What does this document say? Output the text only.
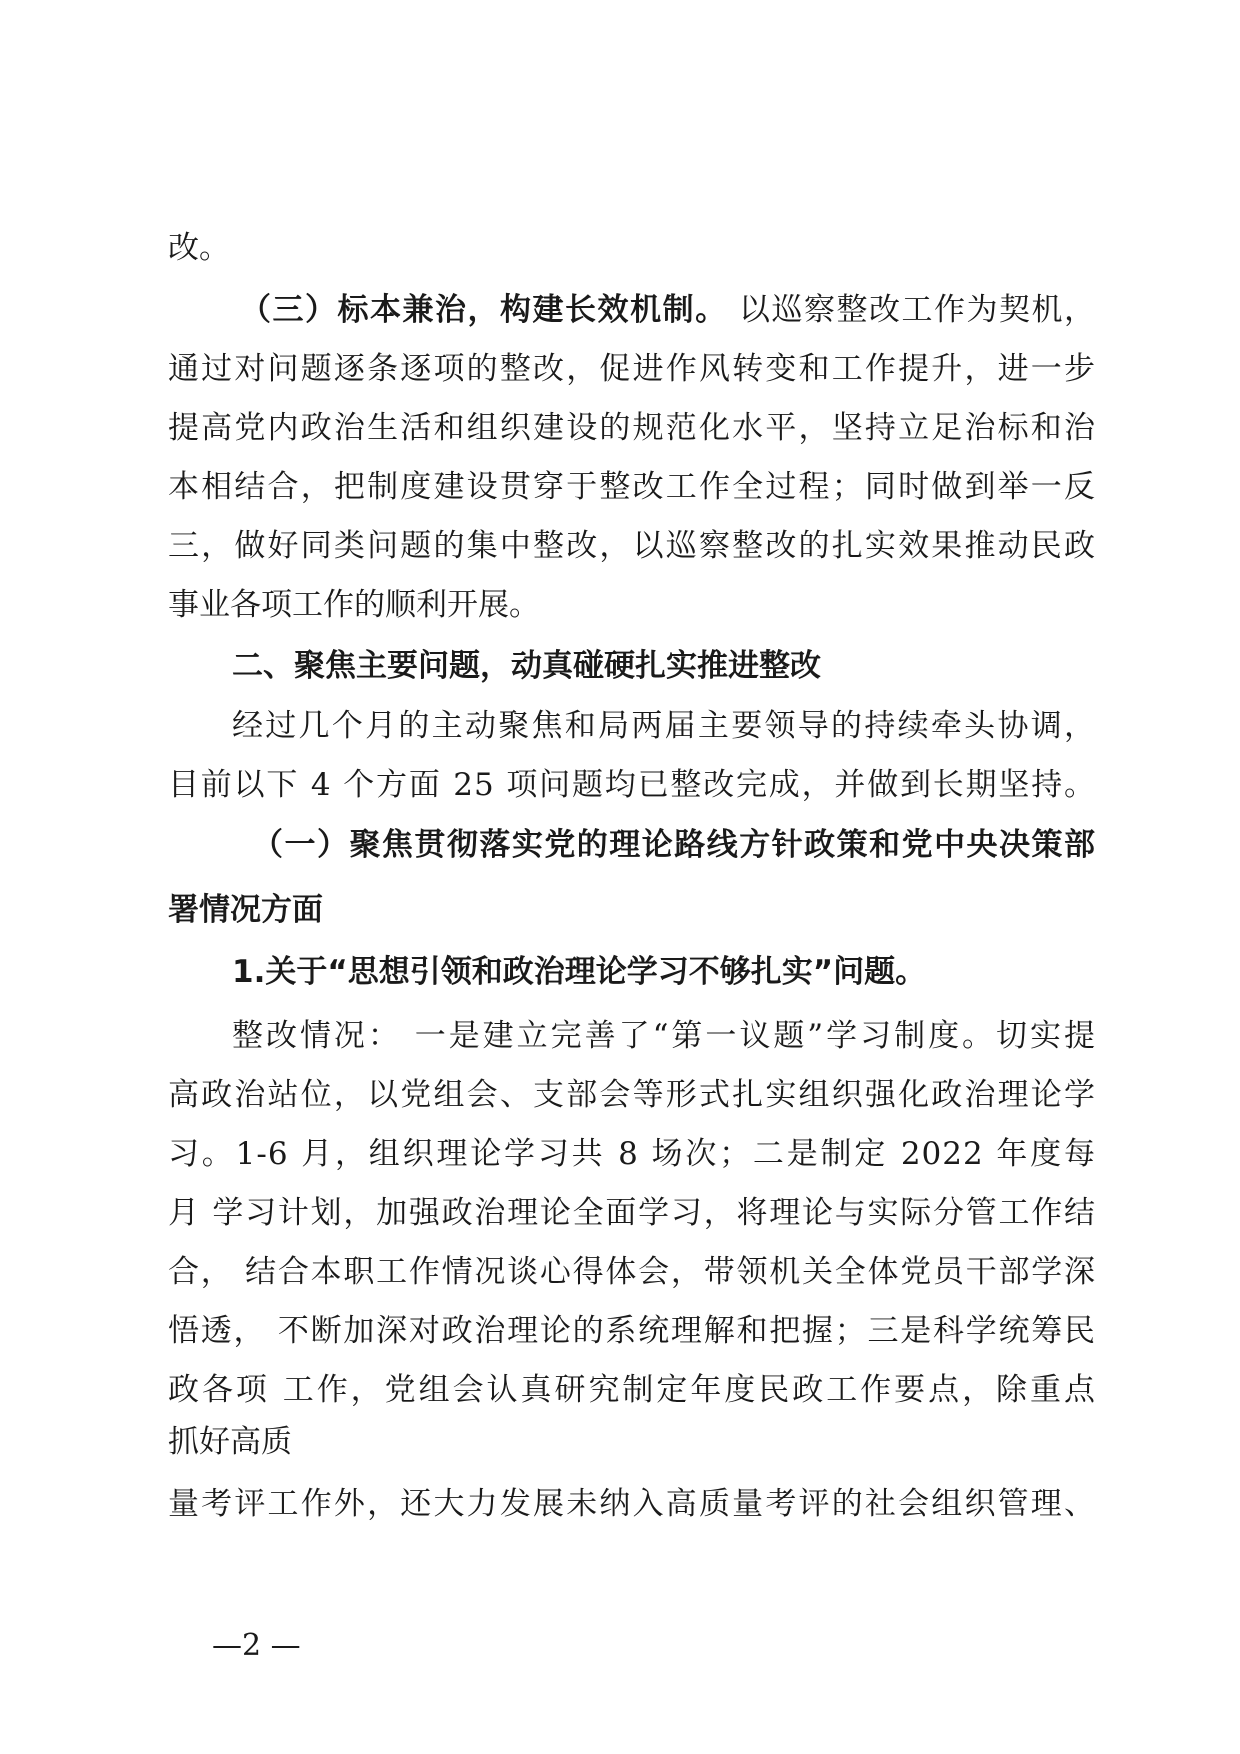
改。

（三）标本兼治，构建长效机制。 以巡察整改工作为契机，

通过对问题逐条逐项的整改，促进作风转变和工作提升，进一步

提高党内政治生活和组织建设的规范化水平，坚持立足治标和治

本相结合，把制度建设贯穿于整改工作全过程；同时做到举一反

三，做好同类问题的集中整改，以巡察整改的扎实效果推动民政

事业各项工作的顺利开展。

二、聚焦主要问题，动真碰硬扎实推进整改

经过几个月的主动聚焦和局两届主要领导的持续牵头协调，

目前以下 4 个方面 25 项问题均已整改完成，并做到长期坚持。

（一）聚焦贯彻落实党的理论路线方针政策和党中央决策部

署情况方面

1.关于“思想引领和政治理论学习不够扎实”问题。

整改情况： 一是建立完善了“第一议题”学习制度。切实提

高政治站位，以党组会、支部会等形式扎实组织强化政治理论学

习。1-6 月，组织理论学习共 8 场次；二是制定 2022 年度每

月 学习计划，加强政治理论全面学习，将理论与实际分管工作结

合， 结合本职工作情况谈心得体会，带领机关全体党员干部学深

悟透， 不断加深对政治理论的系统理解和把握；三是科学统筹民

政各项 工作，党组会认真研究制定年度民政工作要点，除重点

抓好高质

量考评工作外，还大力发展未纳入高质量考评的社会组织管理、

—2 —
